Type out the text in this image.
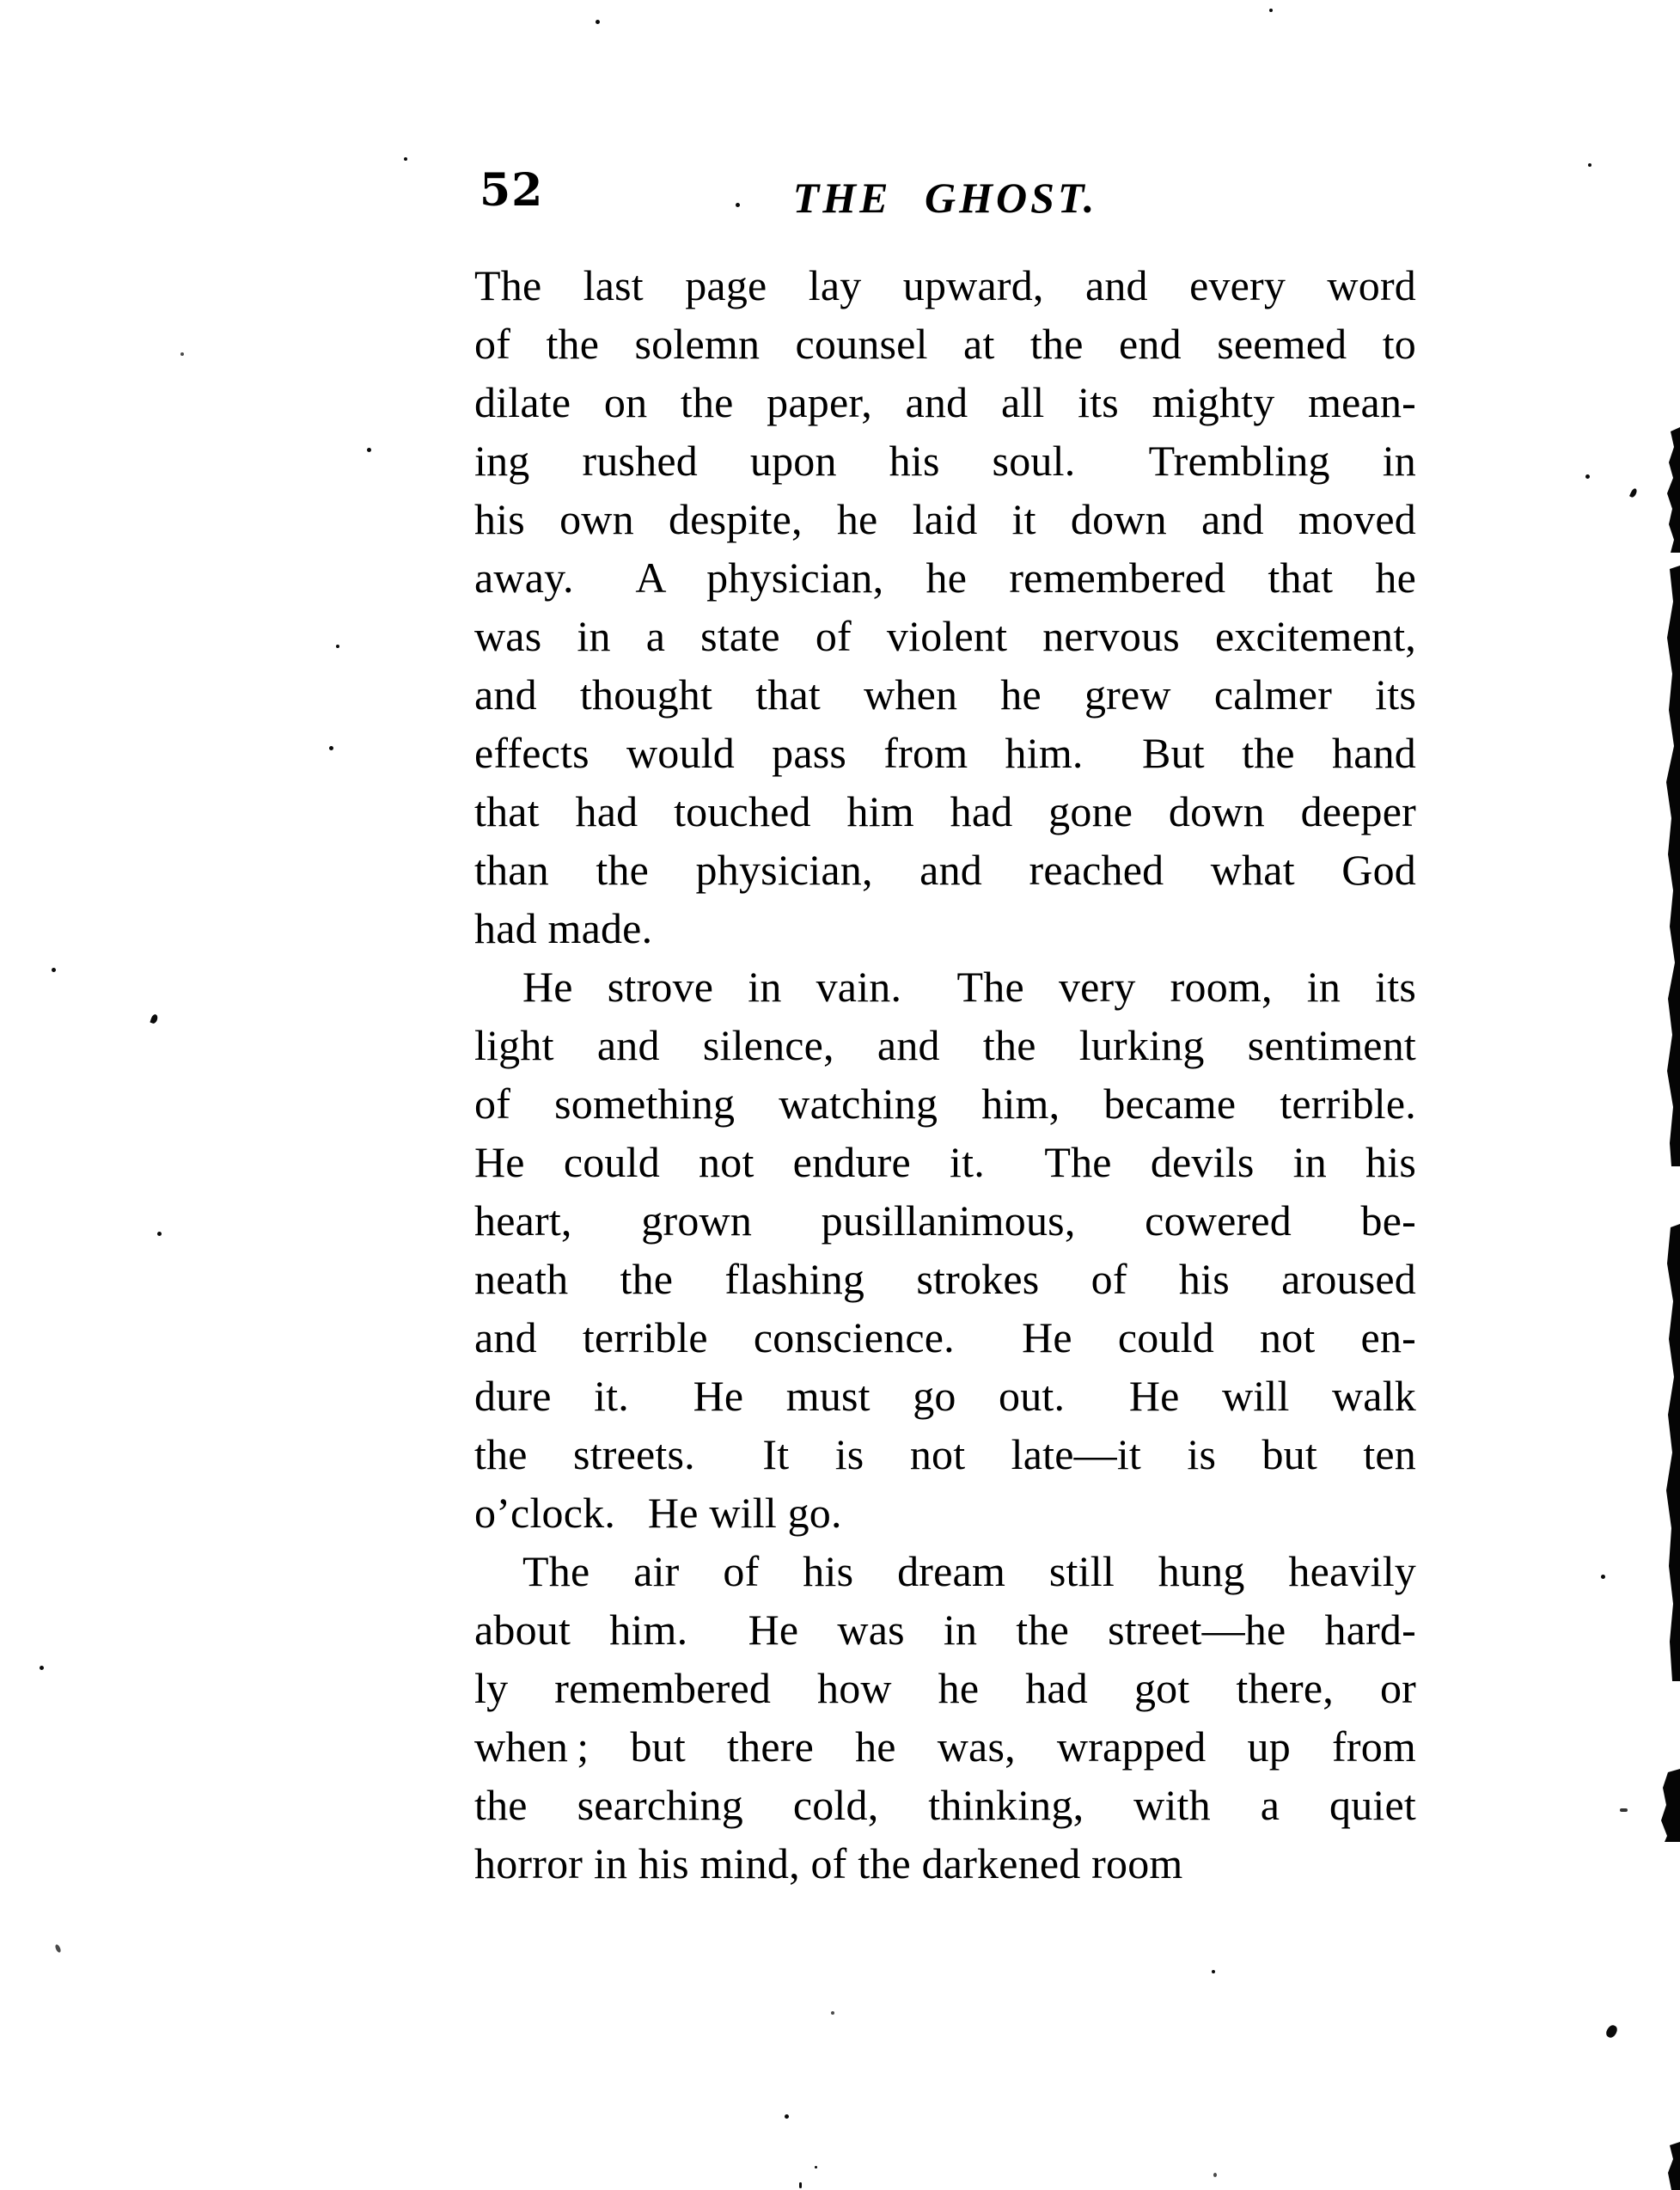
52	THE GHOST.
The last page lay upward, and every word
of the solemn counsel at the end seemed to
dilate on the paper, and all its mighty mean-
ing rushed upon his soul.  Trembling in
his own despite, he laid it down and moved
away.  A physician, he remembered that he
was in a state of violent nervous excitement,
and thought that when he grew calmer its
effects would pass from him.  But the hand
that had touched him had gone down deeper
than the physician, and reached what God
had made.
He strove in vain.  The very room, in its
light and silence, and the lurking sentiment
of something watching him, became terrible.
He could not endure it.  The devils in his
heart, grown pusillanimous, cowered be-
neath the flashing strokes of his aroused
and terrible conscience.  He could not en-
dure it.  He must go out.  He will walk
the streets.  It is not late—it is but ten
o’clock.  He will go.
The air of his dream still hung heavily
about him.  He was in the street—he hard-
ly remembered how he had got there, or
when ; but there he was, wrapped up from
the searching cold, thinking, with a quiet
horror in his mind, of the darkened room
